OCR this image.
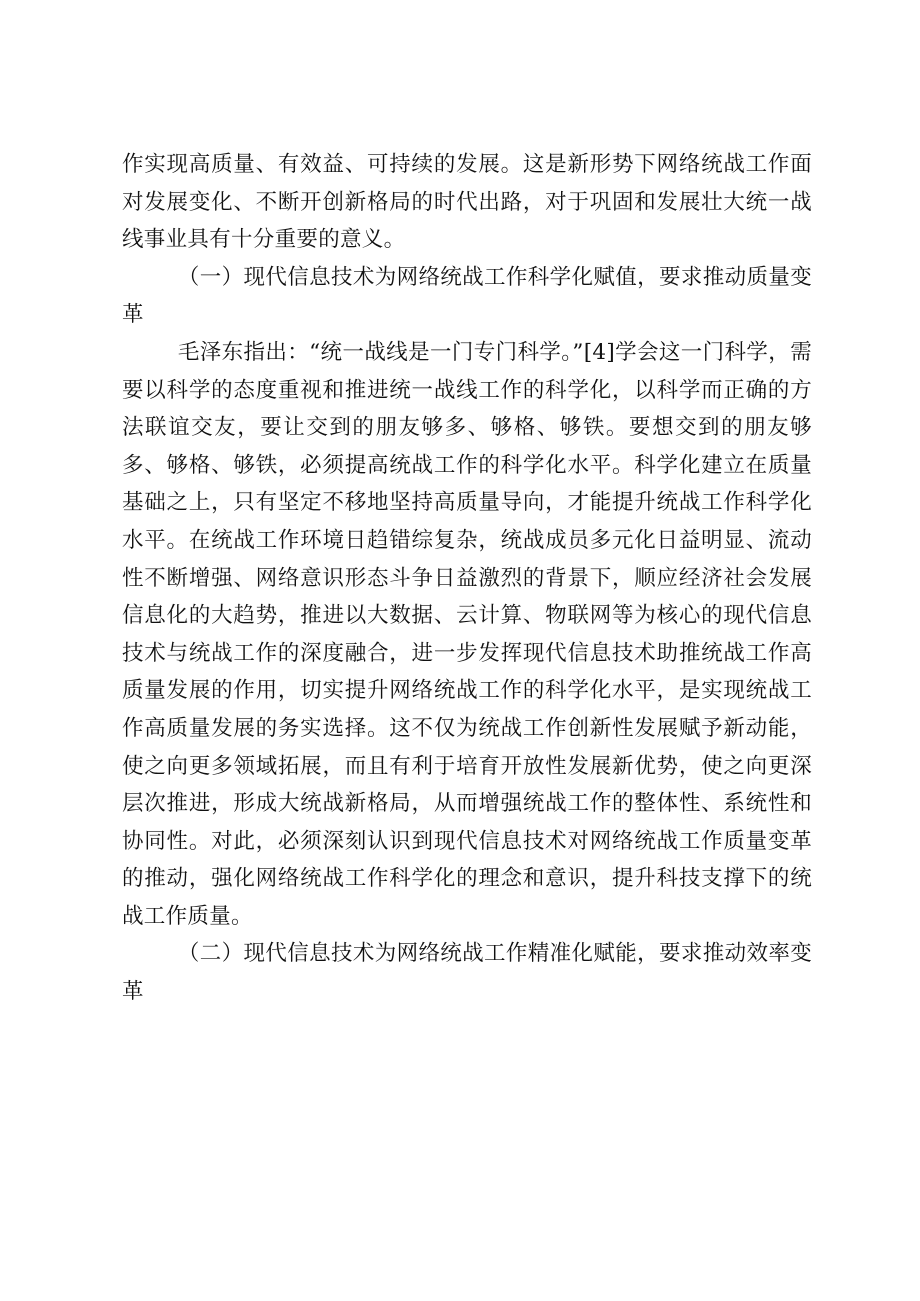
作实现高质量、有效益、可持续的发展。这是新形势下网络统战工作面对发展变化、不断开创新格局的时代出路，对于巩固和发展壮大统一战线事业具有十分重要的意义。

（一）现代信息技术为网络统战工作科学化赋值，要求推动质量变革

毛泽东指出：“统一战线是一门专门科学。”[4]学会这一门科学，需要以科学的态度重视和推进统一战线工作的科学化，以科学而正确的方法联谊交友，要让交到的朋友够多、够格、够铁。要想交到的朋友够多、够格、够铁，必须提高统战工作的科学化水平。科学化建立在质量基础之上，只有坚定不移地坚持高质量导向，才能提升统战工作科学化水平。在统战工作环境日趋错综复杂，统战成员多元化日益明显、流动性不断增强、网络意识形态斗争日益激烈的背景下，顺应经济社会发展信息化的大趋势，推进以大数据、云计算、物联网等为核心的现代信息技术与统战工作的深度融合，进一步发挥现代信息技术助推统战工作高质量发展的作用，切实提升网络统战工作的科学化水平，是实现统战工作高质量发展的务实选择。这不仅为统战工作创新性发展赋予新动能，使之向更多领域拓展，而且有利于培育开放性发展新优势，使之向更深层次推进，形成大统战新格局，从而增强统战工作的整体性、系统性和协同性。对此，必须深刻认识到现代信息技术对网络统战工作质量变革的推动，强化网络统战工作科学化的理念和意识，提升科技支撑下的统战工作质量。

（二）现代信息技术为网络统战工作精准化赋能，要求推动效率变革
